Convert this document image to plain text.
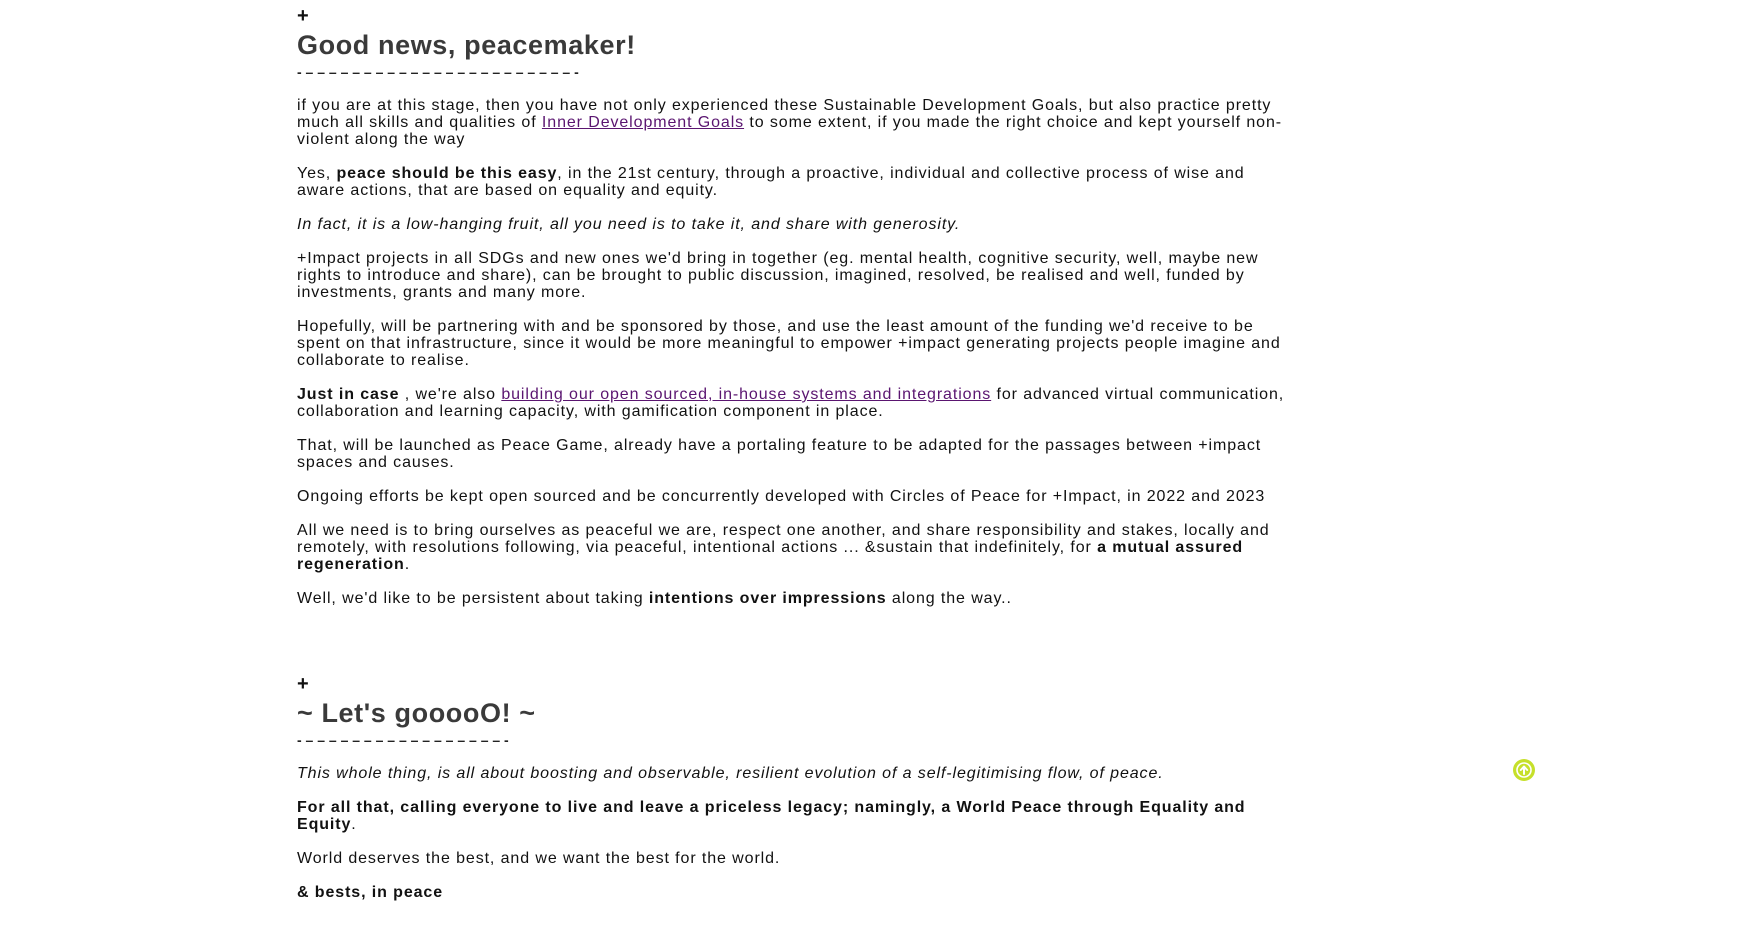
+
Good news, peacemaker!
- – – – – – – – – – – – – – – – – – – – – – – – -

if you are at this stage, then you have not only experienced these Sustainable Development Goals, but also practice pretty much all skills and qualities of Inner Development Goals to some extent, if you made the right choice and kept yourself non-violent along the way

Yes, peace should be this easy, in the 21st century, through a proactive, individual and collective process of wise and aware actions, that are based on equality and equity.

In fact, it is a low-hanging fruit, all you need is to take it, and share with generosity.

+Impact projects in all SDGs and new ones we'd bring in together (eg. mental health, cognitive security, well, maybe new rights to introduce and share), can be brought to public discussion, imagined, resolved, be realised and well, funded by investments, grants and many more.

Hopefully, will be partnering with and be sponsored by those, and use the least amount of the funding we'd receive to be spent on that infrastructure, since it would be more meaningful to empower +impact generating projects people imagine and collaborate to realise.

Just in case , we're also building our open sourced, in-house systems and integrations for advanced virtual communication, collaboration and learning capacity, with gamification component in place.

That, will be launched as Peace Game, already have a portaling feature to be adapted for the passages between +impact spaces and causes.

Ongoing efforts be kept open sourced and be concurrently developed with Circles of Peace for +Impact, in 2022 and 2023

All we need is to bring ourselves as peaceful we are, respect one another, and share responsibility and stakes, locally and remotely, with resolutions following, via peaceful, intentional actions ... &sustain that indefinitely, for a mutual assured regeneration.

Well, we'd like to be persistent about taking intentions over impressions along the way..

+
~ Let's gooooO! ~
- – – – – – – – – – – – – – – – – – -

This whole thing, is all about boosting and observable, resilient evolution of a self-legitimising flow, of peace.

For all that, calling everyone to live and leave a priceless legacy; namingly, a World Peace through Equality and Equity.

World deserves the best, and we want the best for the world.

& bests, in peace
